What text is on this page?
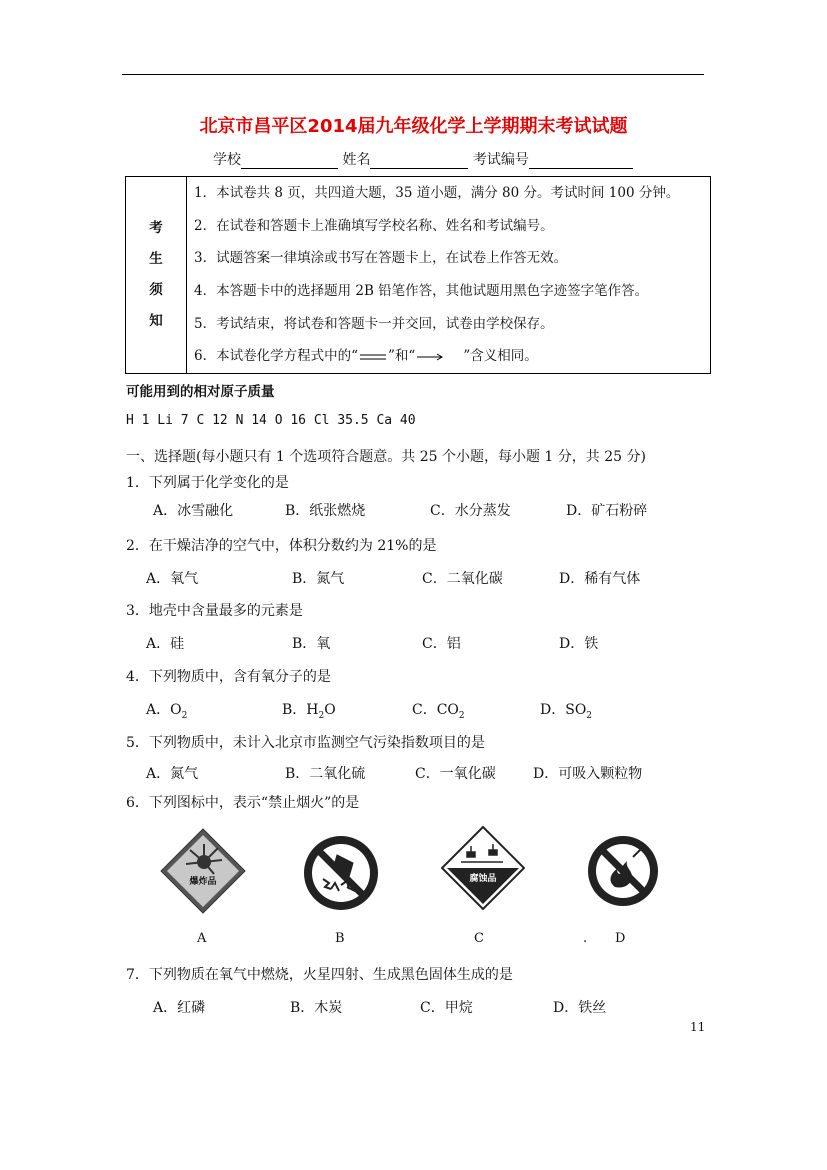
北京市昌平区2014届九年级化学上学期期末考试试题
学校	姓名	考试编号
考
生
须
知

1．本试卷共 8 页，共四道大题，35 道小题，满分 80 分。考试时间 100 分钟。
2．在试卷和答题卡上准确填写学校名称、姓名和考试编号。
3．试题答案一律填涂或书写在答题卡上，在试卷上作答无效。
4．本答题卡中的选择题用 2B 铅笔作答，其他试题用黑色字迹签字笔作答。
5．考试结束，将试卷和答题卡一并交回，试卷由学校保存。
6．本试卷化学方程式中的“ ”和“	”含义相同。
可能用到的相对原子质量
H 1 Li 7 C 12 N 14 O 16 Cl 35.5 Ca 40
一、选择题(每小题只有 1 个选项符合题意。共 25 个小题，每小题 1 分，共 25 分)
1．下列属于化学变化的是
A．冰雪融化	B．纸张燃烧	C．水分蒸发	D．矿石粉碎
2．在干燥洁净的空气中，体积分数约为 21%的是
A．氧气	B．氮气	C．二氧化碳	D．稀有气体
3．地壳中含量最多的元素是
A．硅	B．氧	C．铝	D．铁
4．下列物质中，含有氧分子的是
A．$O_2$	B．$H_2O$	C．$CO_2$	D．$SO_2$
5．下列物质中，未计入北京市监测空气污染指数项目的是
A．氮气	B．二氧化硫	C．一氧化碳	D．可吸入颗粒物
6．下列图标中，表示“禁止烟火”的是
爆炸品	腐蚀品
A	B	C	. D
7．下列物质在氧气中燃烧，火星四射、生成黑色固体生成的是
A．红磷	B．木炭	C．甲烷	D．铁丝
11
